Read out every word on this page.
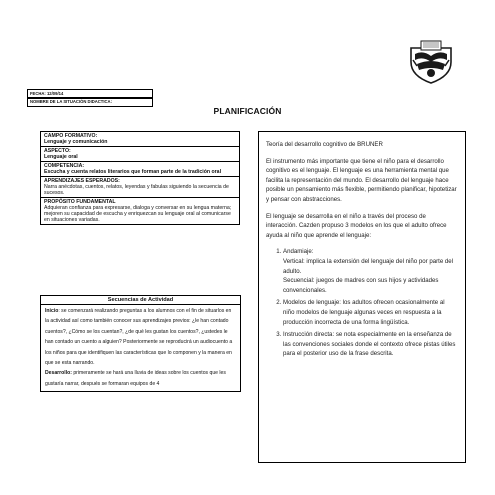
FECHA: 12/09/14
NOMBRE DE LA SITUACIÓN DIDACTICA:
PLANIFICACIÓN
CAMPO FORMATIVO:
Lenguaje y comunicación
ASPECTO:
Lenguaje oral
COMPETENCIA:
Escucha y cuenta relatos literarios que forman parte de la tradición oral
APRENDIZAJES ESPERADOS:
Narra anécdotas, cuentos, relatos, leyendas y fabulas siguiendo la secuencia de sucesos.
PROPÓSITO FUNDAMENTAL
Adquieran confianza para expresarse, dialoga y conversar en su lengua materna; mejoren su capacidad de escucha y enriquezcan su lenguaje oral al comunicarse en situaciones variadas.
Secuencias de Actividad
Inicio: se comenzará realizando preguntas a los alumnos con el fin de situarlos en la actividad así como también conocer sus aprendizajes previos: ¿le han contado cuentos?, ¿Cómo se los cuentan?, ¿de qué les gustan los cuentos?, ¿ustedes le han contado un cuento a alguien? Posteriormente se reproducirá un audiocuento a los niños para que identifiquen las características que lo componen y la manera en que se esta narrando.
Desarrollo: primeramente se hará una lluvia de ideas sobre los cuentos que les gustaría narrar, después se formaran equipos de 4

Teoría del desarrollo cognitivo de BRUNER

El instrumento más importante que tiene el niño para el desarrollo cognitivo es el lenguaje. El lenguaje es una herramienta mental que facilita la representación del mundo. El desarrollo del lenguaje hace posible un pensamiento más flexible, permitiendo planificar, hipotetizar y pensar con abstracciones.

El lenguaje se desarrolla en el niño a través del proceso de interacción. Cazden propuso 3 modelos en los que el adulto ofrece ayuda al niño que aprende el lenguaje:

1. Andamiaje:
Vertical: implica la extensión del lenguaje del niño por parte del adulto.
Secuencial: juegos de madres con sus hijos y actividades convencionales.
2. Modelos de lenguaje: los adultos ofrecen ocasionalmente al niño modelos de lenguaje algunas veces en respuesta a la producción incorrecta de una forma lingüística.
3. Instrucción directa: se nota especialmente en la enseñanza de las convenciones sociales donde el contexto ofrece pistas útiles para el posterior uso de la frase descrita.
